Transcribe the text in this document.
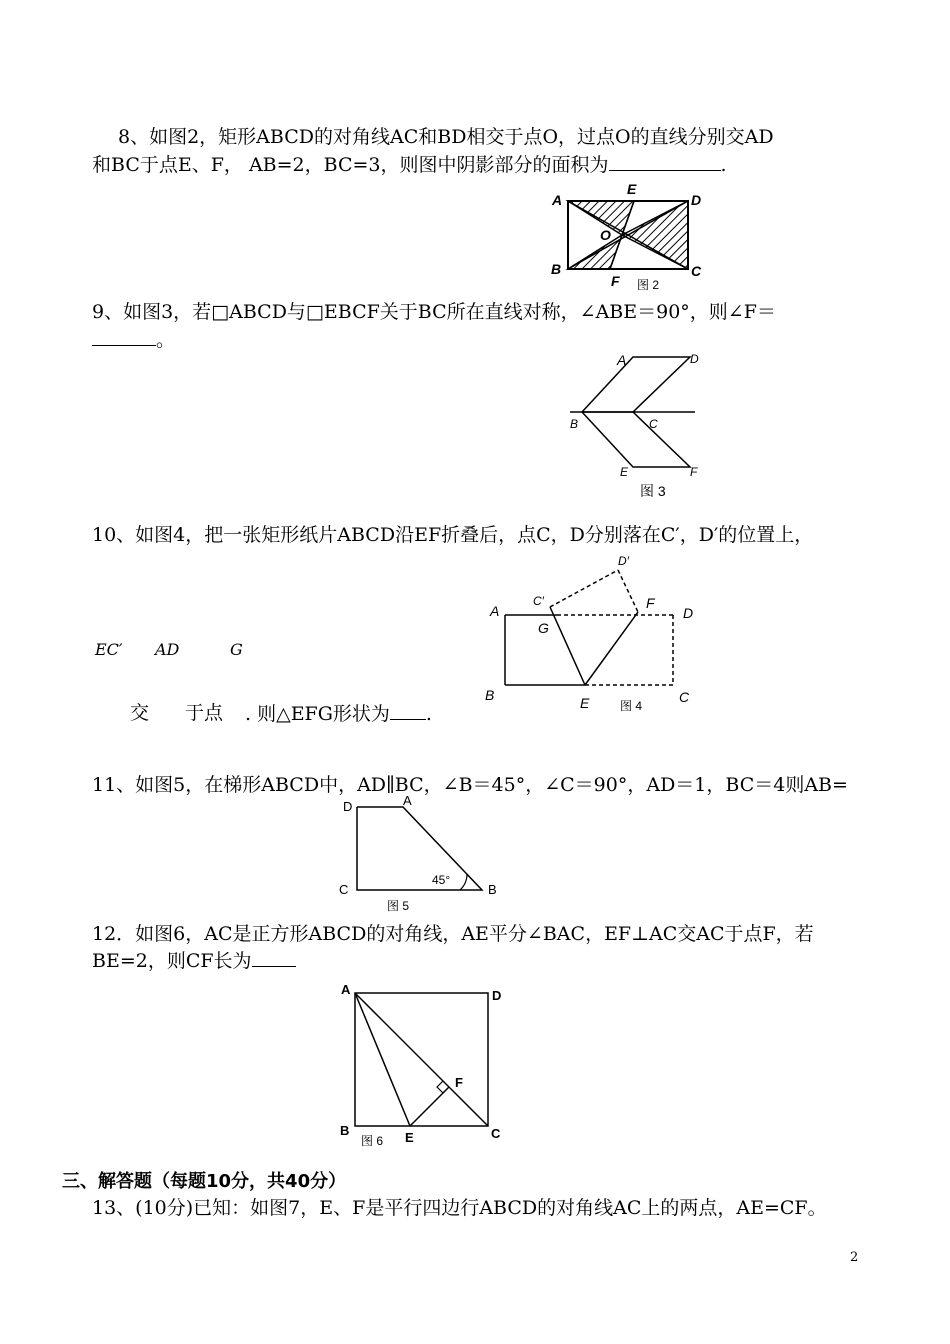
8、如图2，矩形ABCD的对角线AC和BD相交于点O，过点O的直线分别交AD
和BC于点E、F， AB=2，BC=3，则图中阴影部分的面积为	.
A
E
D
O
B
F
C
图 2
9、如图3，若□ABCD与□EBCF关于BC所在直线对称，∠ABE＝90°，则∠F＝
。
A	D
B	C
E	F
图 3
10、如图4，把一张矩形纸片ABCD沿EF折叠后，点C，D分别落在C′，D′的位置上，
EC′ AD	G
交 于点 . 则△EFG形状为 .
D′
C′	F
D
A
G
B	E	C
图 4
11、如图5，在梯形ABCD中，AD∥BC，∠B＝45°，∠C＝90°，AD＝1，BC＝4则AB=
D	A
C	B
45°
图 5
12．如图6，AC是正方形ABCD的对角线，AE平分∠BAC，EF⊥AC交AC于点F，若
BE=2，则CF长为
A	D
F
B	E	C
图 6
三、解答题（每题10分，共40分）
13、(10分)已知：如图7，E、F是平行四边行ABCD的对角线AC上的两点，AE=CF。
2
